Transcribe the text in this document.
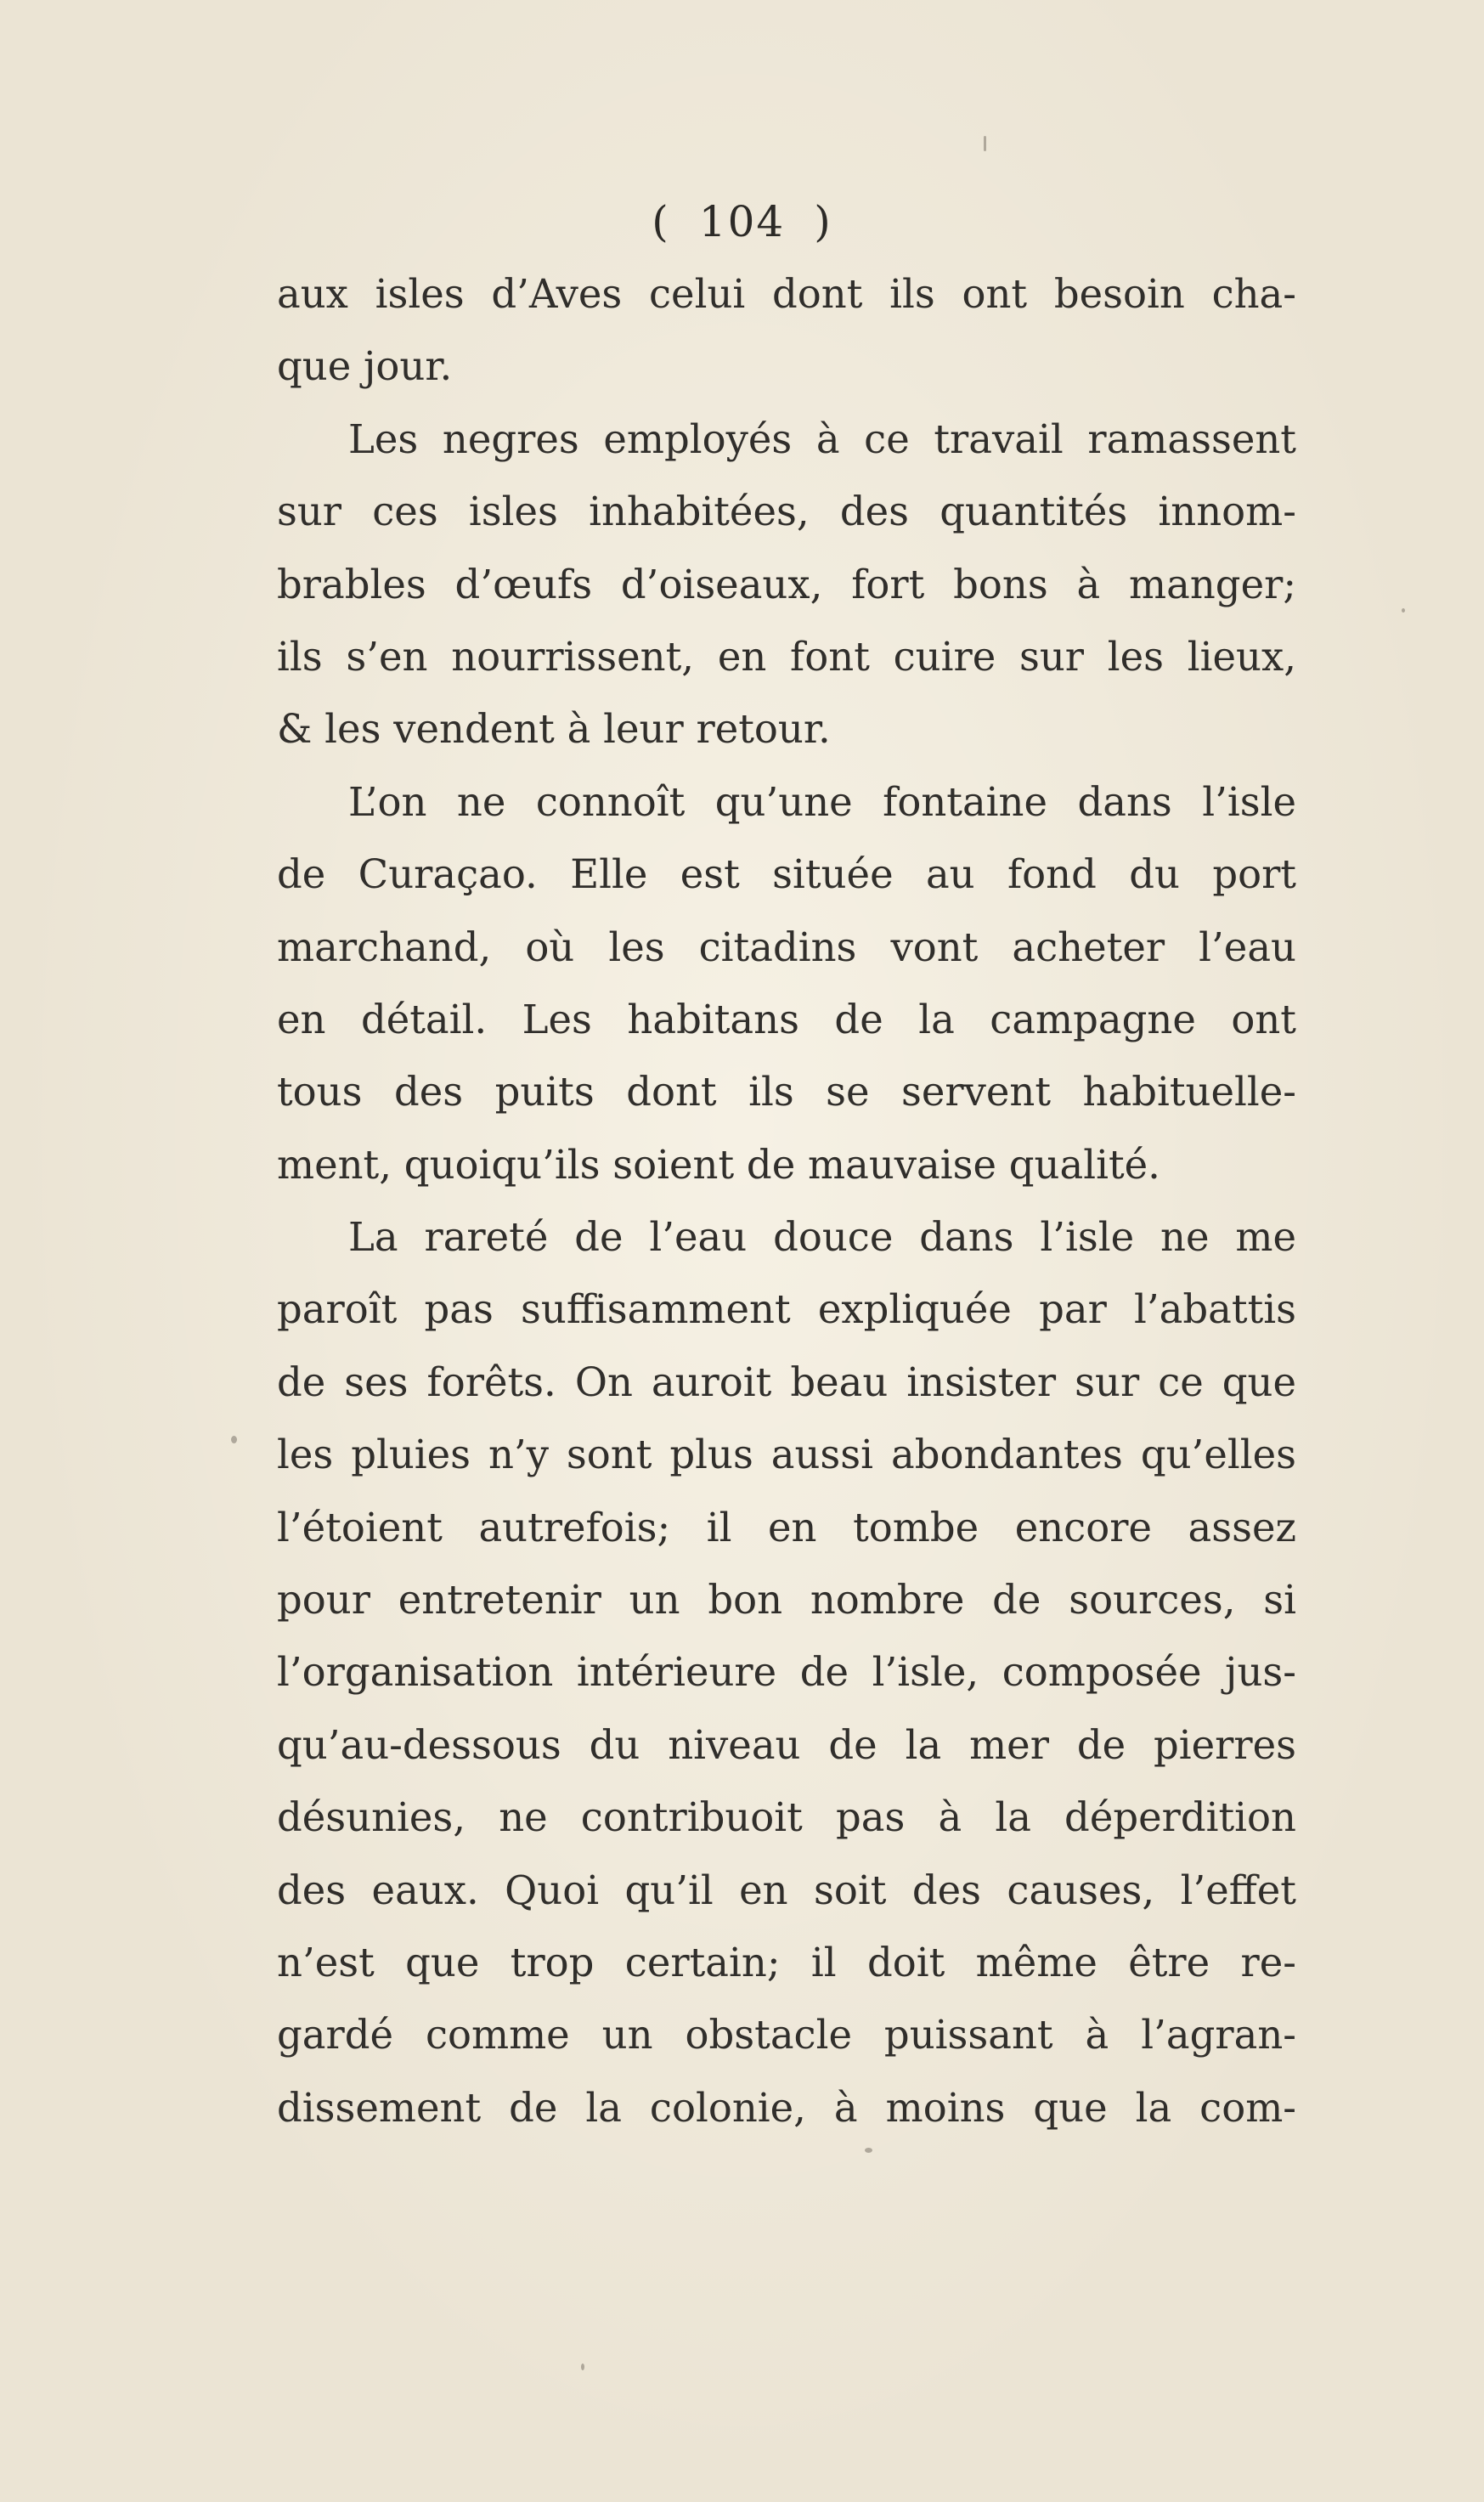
( 104 )
aux isles d’Aves celui dont ils ont besoin cha-
que jour.
Les negres employés à ce travail ramassent
sur ces isles inhabitées, des quantités innom-
brables d’œufs d’oiseaux, fort bons à manger;
ils s’en nourrissent, en font cuire sur les lieux,
& les vendent à leur retour.
L’on ne connoît qu’une fontaine dans l’isle
de Curaçao. Elle est située au fond du port
marchand, où les citadins vont acheter l’eau
en détail. Les habitans de la campagne ont
tous des puits dont ils se servent habituelle-
ment, quoiqu’ils soient de mauvaise qualité.
La rareté de l’eau douce dans l’isle ne me
paroît pas suffisamment expliquée par l’abattis
de ses forêts. On auroit beau insister sur ce que
les pluies n’y sont plus aussi abondantes qu’elles
l’étoient autrefois; il en tombe encore assez
pour entretenir un bon nombre de sources, si
l’organisation intérieure de l’isle, composée jus-
qu’au-dessous du niveau de la mer de pierres
désunies, ne contribuoit pas à la déperdition
des eaux. Quoi qu’il en soit des causes, l’effet
n’est que trop certain; il doit même être re-
gardé comme un obstacle puissant à l’agran-
dissement de la colonie, à moins que la com-
